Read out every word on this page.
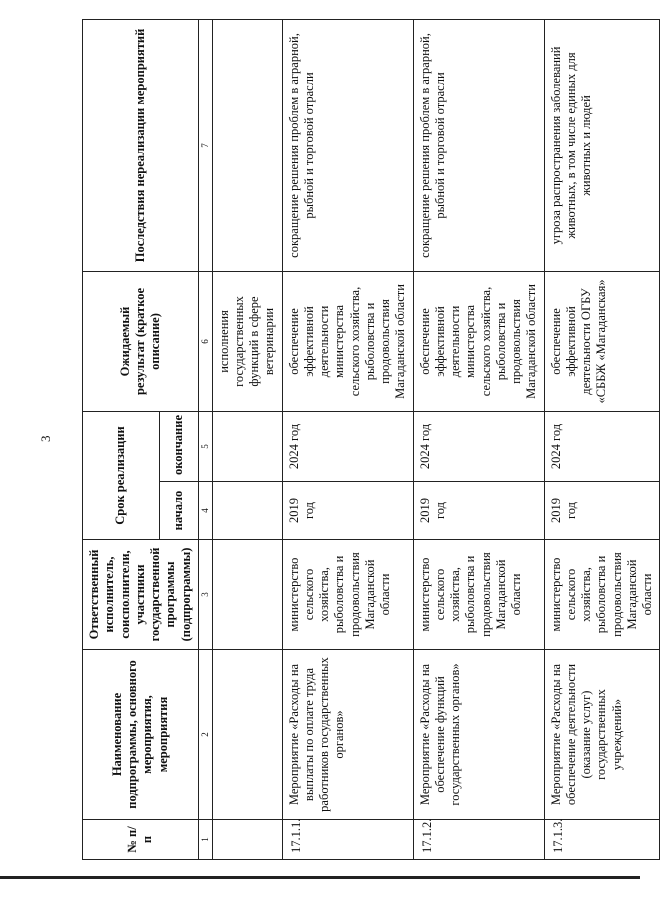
3
№ п/п	Наименование подпрограммы, основного мероприятия, мероприятия	Ответственный исполнитель, соисполнители, участники государственной программы (подпрограммы)	Срок реализации		Ожидаемый результат (краткое описание)	Последствия нереализации мероприятий
			начало	окончание		
1	2	3	4	5	6	7
					исполнения государственных функций в сфере ветеринарии	
17.1.1.	Мероприятие «Расходы на выплаты по оплате труда работников государственных органов»	министерство сельского хозяйства, рыболовства и продовольствия Магаданской области	2019 год	2024 год	обеспечение эффективной деятельности министерства сельского хозяйства, рыболовства и продовольствия Магаданской области	сокращение решения проблем в аграрной, рыбной и торговой отрасли
17.1.2.	Мероприятие «Расходы на обеспечение функций государственных органов»	министерство сельского хозяйства, рыболовства и продовольствия Магаданской области	2019 год	2024 год	обеспечение эффективной деятельности министерства сельского хозяйства, рыболовства и продовольствия Магаданской области	сокращение решения проблем в аграрной, рыбной и торговой отрасли
17.1.3.	Мероприятие «Расходы на обеспечение деятельности (оказание услуг) государственных учреждений»	министерство сельского хозяйства, рыболовства и продовольствия Магаданской области	2019 год	2024 год	обеспечение эффективной деятельности ОГБУ «СББЖ «Магаданская»	угроза распространения заболеваний животных, в том числе единых для животных и людей
